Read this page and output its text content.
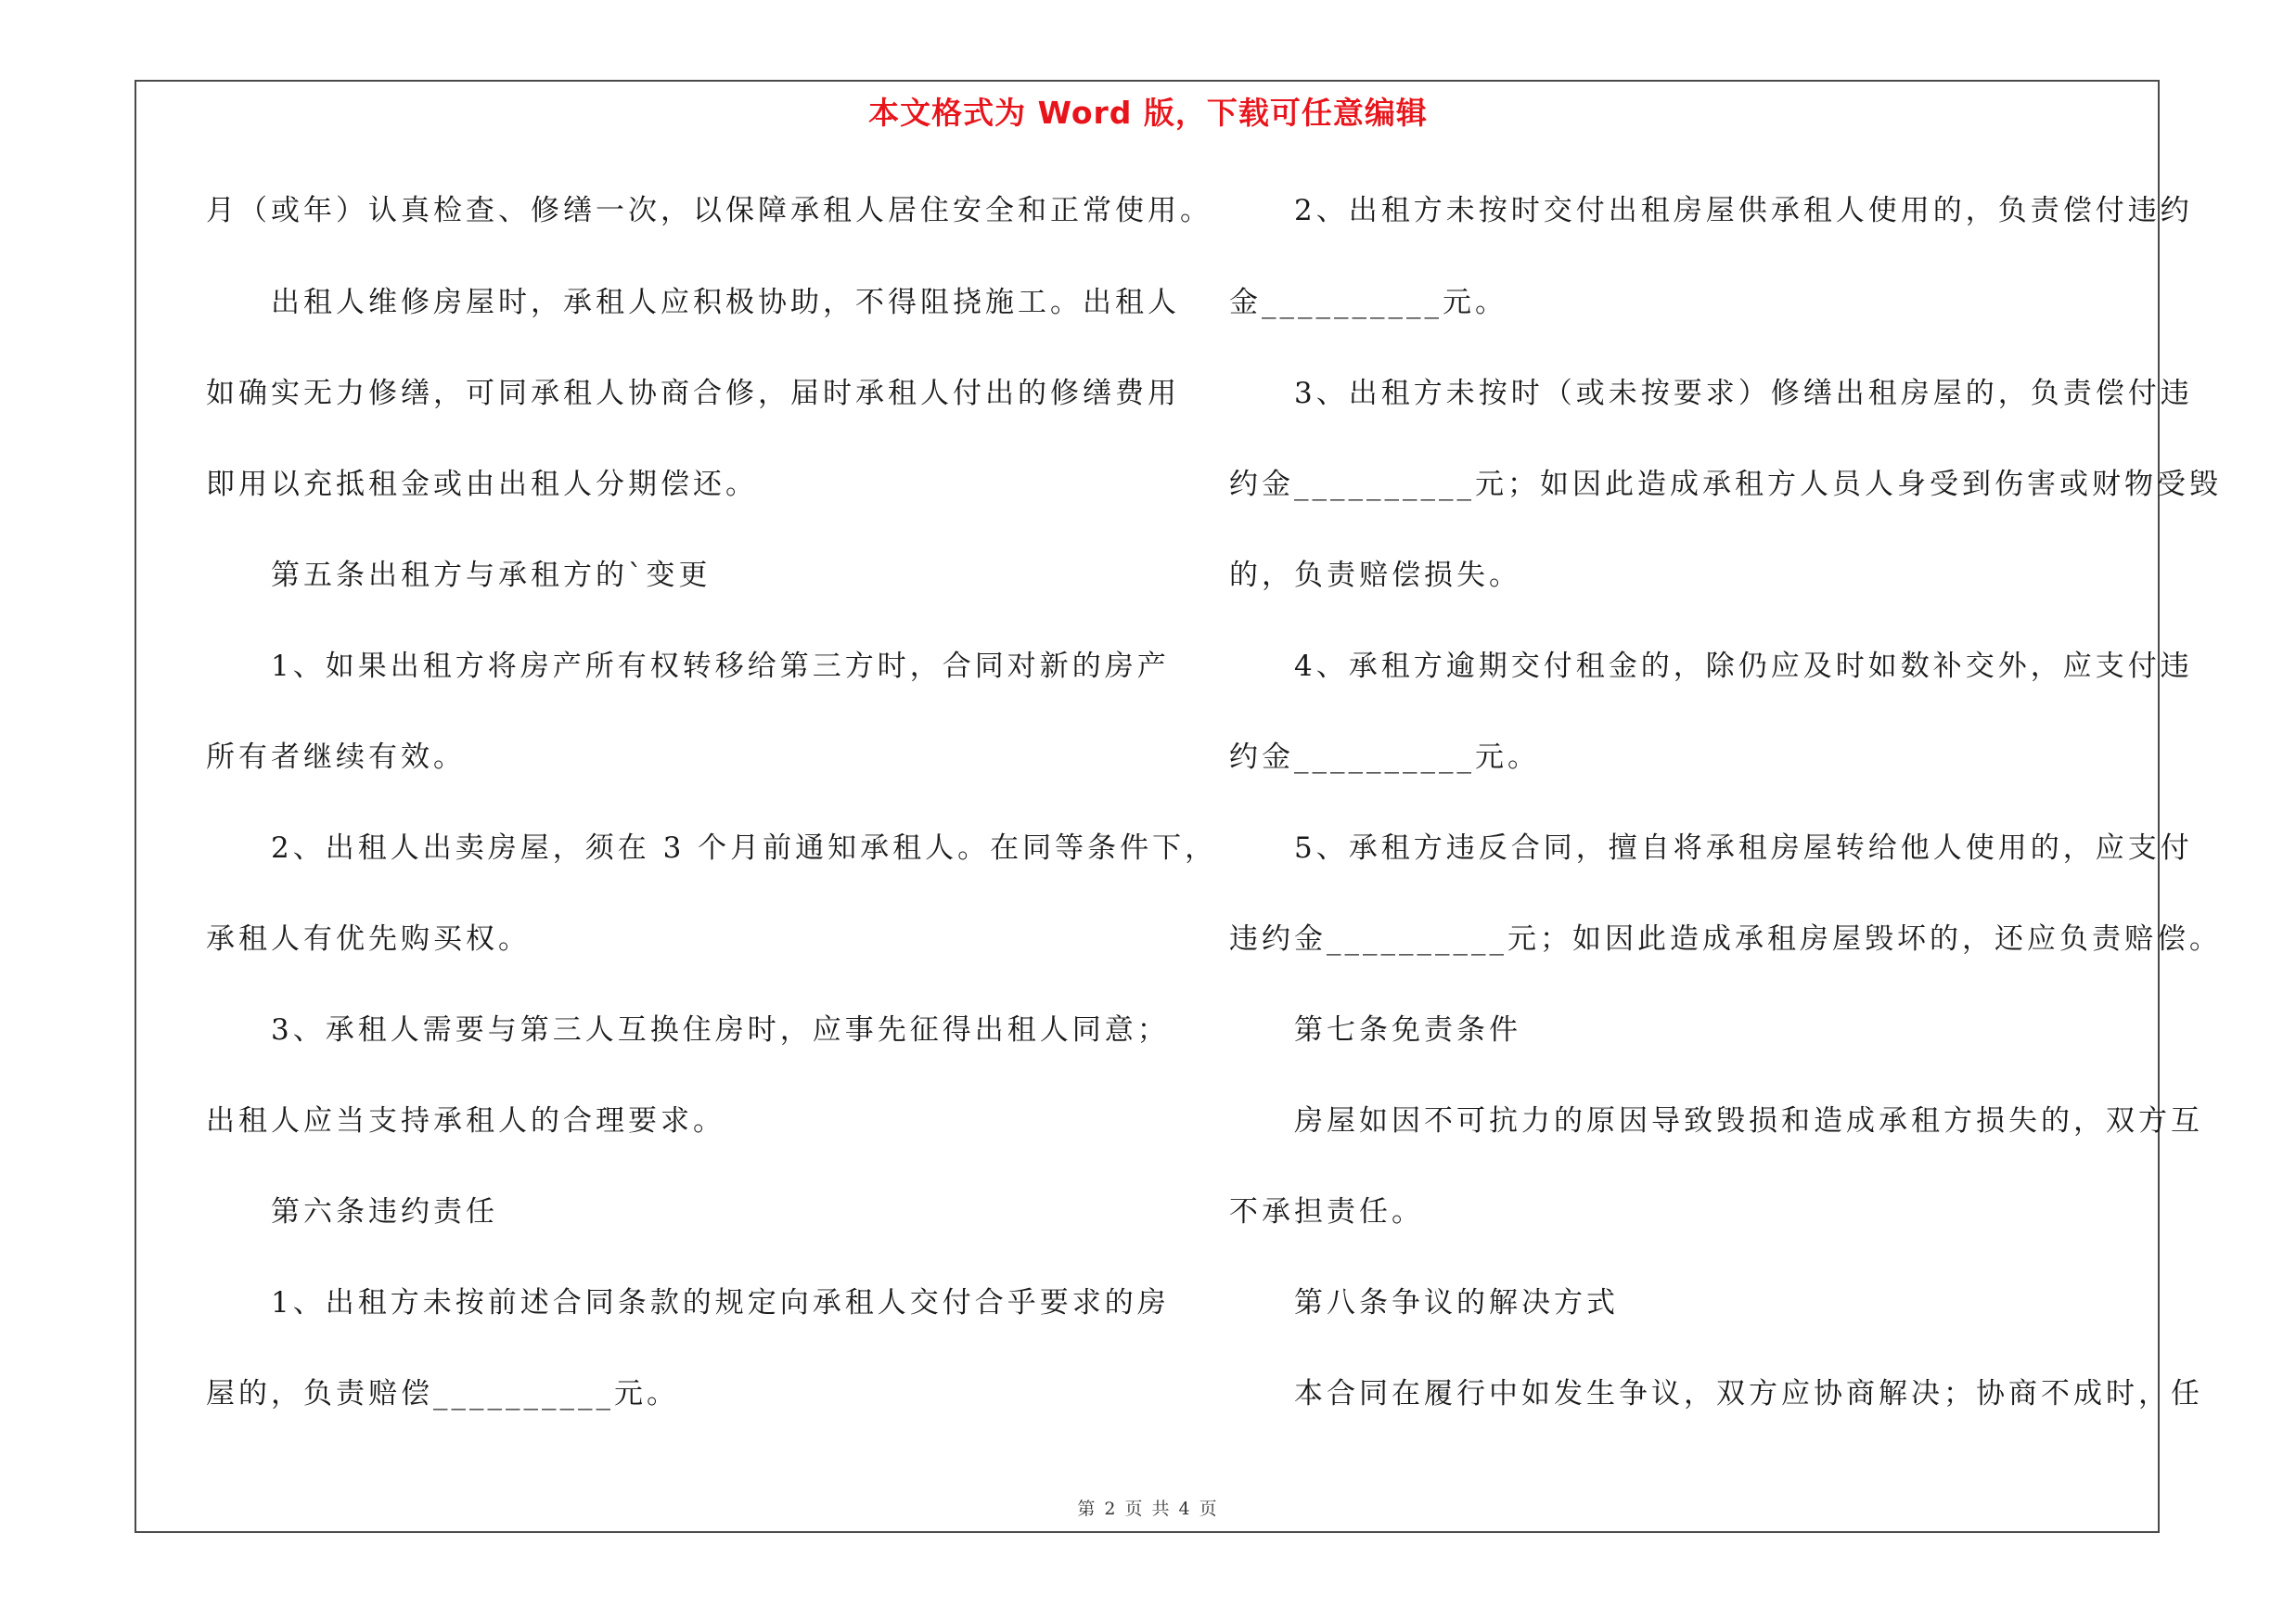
本文格式为 Word 版，下载可任意编辑
月（或年）认真检查、修缮一次，以保障承租人居住安全和正常使用。
　　出租人维修房屋时，承租人应积极协助，不得阻挠施工。出租人
如确实无力修缮，可同承租人协商合修，届时承租人付出的修缮费用
即用以充抵租金或由出租人分期偿还。
　　第五条出租方与承租方的`变更
　　1、如果出租方将房产所有权转移给第三方时，合同对新的房产
所有者继续有效。
　　2、出租人出卖房屋，须在 3 个月前通知承租人。在同等条件下，
承租人有优先购买权。
　　3、承租人需要与第三人互换住房时，应事先征得出租人同意；
出租人应当支持承租人的合理要求。
　　第六条违约责任
　　1、出租方未按前述合同条款的规定向承租人交付合乎要求的房
屋的，负责赔偿__________元。
　　2、出租方未按时交付出租房屋供承租人使用的，负责偿付违约
金__________元。
　　3、出租方未按时（或未按要求）修缮出租房屋的，负责偿付违
约金__________元；如因此造成承租方人员人身受到伤害或财物受毁
的，负责赔偿损失。
　　4、承租方逾期交付租金的，除仍应及时如数补交外，应支付违
约金__________元。
　　5、承租方违反合同，擅自将承租房屋转给他人使用的，应支付
违约金__________元；如因此造成承租房屋毁坏的，还应负责赔偿。
　　第七条免责条件
　　房屋如因不可抗力的原因导致毁损和造成承租方损失的，双方互
不承担责任。
　　第八条争议的解决方式
　　本合同在履行中如发生争议，双方应协商解决；协商不成时，任
第 2 页 共 4 页
